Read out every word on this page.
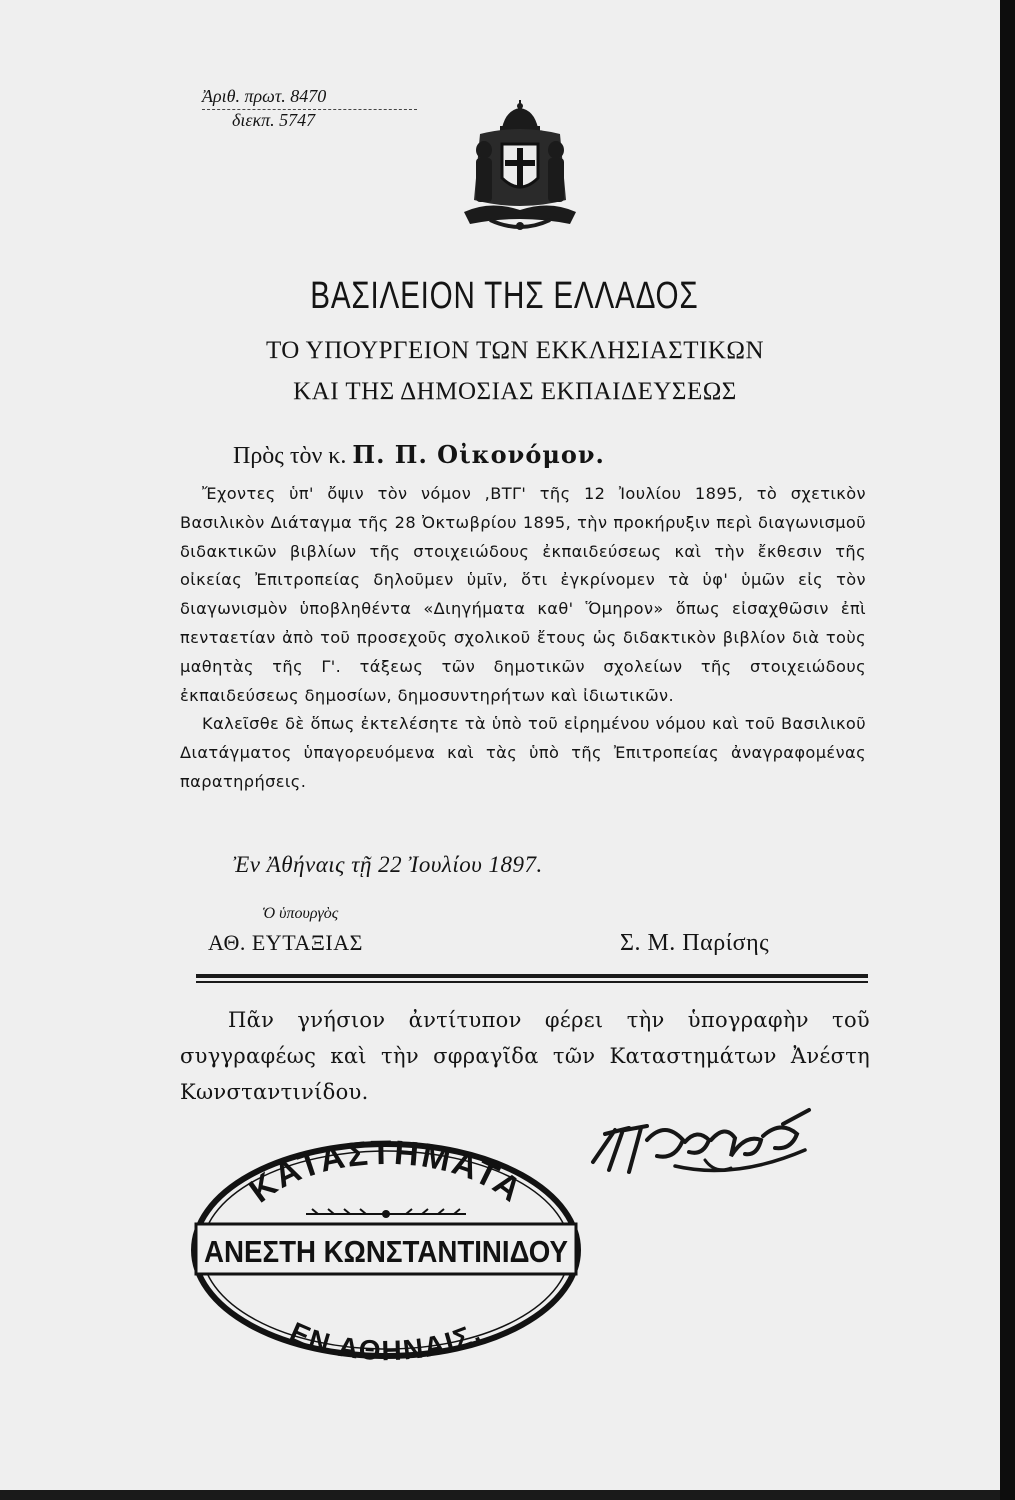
Ἀριθ. πρωτ. 8470
διεκπ. 5747
ΒΑΣΙΛΕΙΟΝ ΤΗΣ ΕΛΛΑΔΟΣ
ΤΟ ΥΠΟΥΡΓΕΙΟΝ ΤΩΝ ΕΚΚΛΗΣΙΑΣΤΙΚΩΝ
ΚΑΙ ΤΗΣ ΔΗΜΟΣΙΑΣ ΕΚΠΑΙΔΕΥΣΕΩΣ
Πρὸς τὸν κ. Π. Π. Οἰκονόμον.

Ἔχοντες ὑπ' ὄψιν τὸν νόμον ,ΒΤΓ' τῆς 12 Ἰουλίου 1895, τὸ σχετικὸν Βασιλικὸν Διάταγμα τῆς 28 Ὀκτωβρίου 1895, τὴν προκήρυξιν περὶ διαγωνισμοῦ διδακτικῶν βιβλίων τῆς στοιχειώδους ἐκπαιδεύσεως καὶ τὴν ἔκθεσιν τῆς οἰκείας Ἐπιτροπείας δηλοῦμεν ὑμῖν, ὅτι ἐγκρίνομεν τὰ ὑφ' ὑμῶν εἰς τὸν διαγωνισμὸν ὑποβληθέντα «Διηγήματα καθ' Ὅμηρον» ὅπως εἰσαχθῶσιν ἐπὶ πενταετίαν ἀπὸ τοῦ προσεχοῦς σχολικοῦ ἔτους ὡς διδακτικὸν βιβλίον διὰ τοὺς μαθητὰς τῆς Γ'. τάξεως τῶν δημοτικῶν σχολείων τῆς στοιχειώδους ἐκπαιδεύσεως δημοσίων, δημοσυντηρήτων καὶ ἰδιωτικῶν.

Καλεῖσθε δὲ ὅπως ἐκτελέσητε τὰ ὑπὸ τοῦ εἰρημένου νόμου καὶ τοῦ Βασιλικοῦ Διατάγματος ὑπαγορευόμενα καὶ τὰς ὑπὸ τῆς Ἐπιτροπείας ἀναγραφομένας παρατηρήσεις.

Ἐν Ἀθήναις τῇ 22 Ἰουλίου 1897.
Ὁ ὑπουργὸς
ΑΘ. ΕΥΤΑΞΙΑΣ	Σ. Μ. Παρίσης

Πᾶν γνήσιον ἀντίτυπον φέρει τὴν ὑπογραφὴν τοῦ συγγραφέως καὶ τὴν σφραγῖδα τῶν Καταστημάτων Ἀνέστη Κωνσταντινίδου.

ΚΑΤΑΣΤΗΜΑΤΑ
ΑΝΕΣΤΗ ΚΩΝΣΤΑΝΤΙΝΙΔΟΥ
ΕΝ ΑΘΗΝΑΙΣ.
